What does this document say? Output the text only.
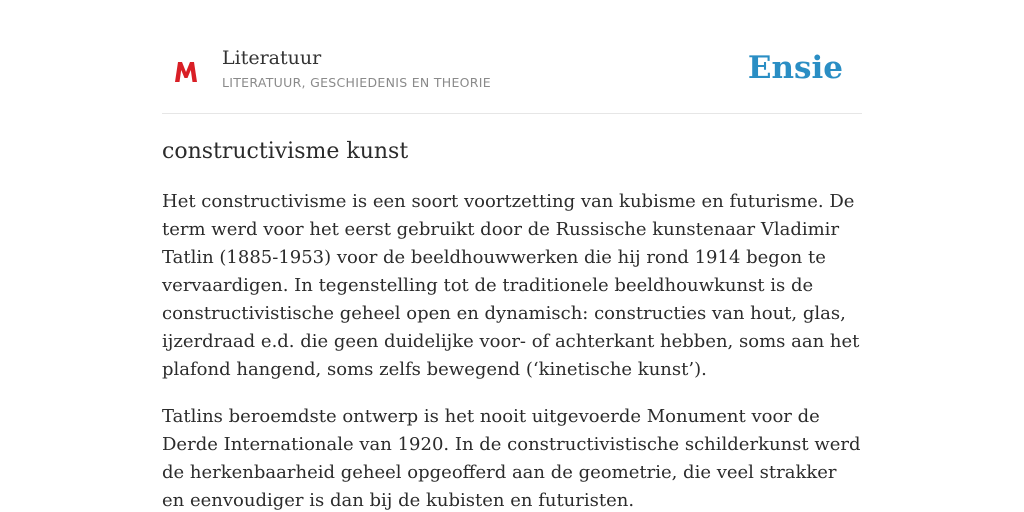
Literatuur
LITERATUUR, GESCHIEDENIS EN THEORIE	Ensie
constructivisme kunst

Het constructivisme is een soort voortzetting van kubisme en futurisme. De term werd voor het eerst gebruikt door de Russische kunstenaar Vladimir Tatlin (1885-1953) voor de beeldhouwwerken die hij rond 1914 begon te vervaardigen. In tegenstelling tot de traditionele beeldhouwkunst is de constructivistische geheel open en dynamisch: constructies van hout, glas, ijzerdraad e.d. die geen duidelijke voor- of achterkant hebben, soms aan het plafond hangend, soms zelfs bewegend (‘kinetische kunst’).

Tatlins beroemdste ontwerp is het nooit uitgevoerde Monument voor de Derde Internationale van 1920. In de constructivistische schilderkunst werd de herkenbaarheid geheel opgeofferd aan de geometrie, die veel strakker en eenvoudiger is dan bij de kubisten en futuristen.
